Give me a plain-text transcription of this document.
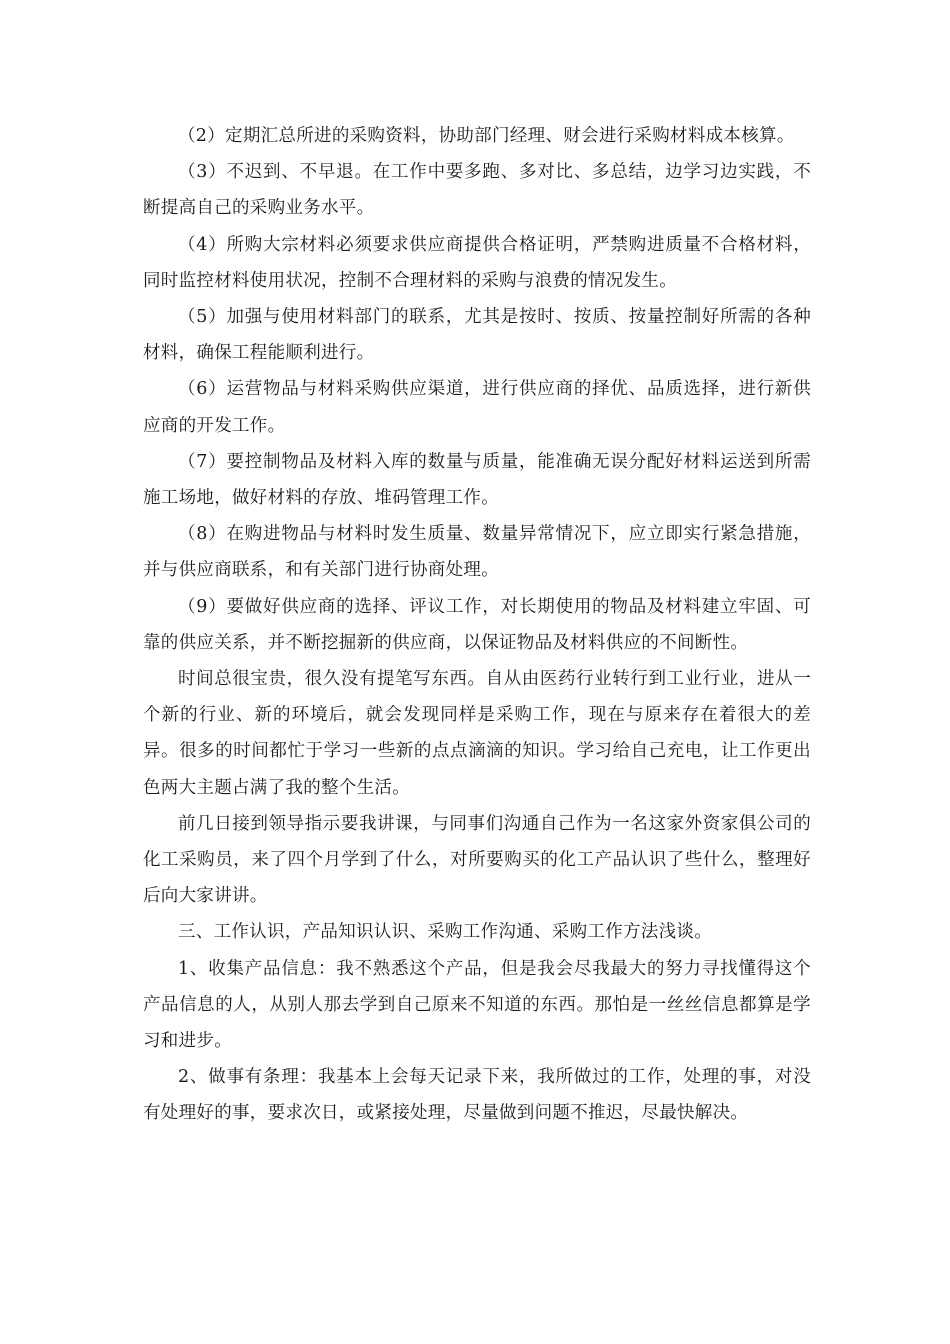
（2）定期汇总所进的采购资料，协助部门经理、财会进行采购材料成本核算。

（3）不迟到、不早退。在工作中要多跑、多对比、多总结，边学习边实践，不断提高自己的采购业务水平。

（4）所购大宗材料必须要求供应商提供合格证明，严禁购进质量不合格材料，同时监控材料使用状况，控制不合理材料的采购与浪费的情况发生。

（5）加强与使用材料部门的联系，尤其是按时、按质、按量控制好所需的各种材料，确保工程能顺利进行。

（6）运营物品与材料采购供应渠道，进行供应商的择优、品质选择，进行新供应商的开发工作。

（7）要控制物品及材料入库的数量与质量，能准确无误分配好材料运送到所需施工场地，做好材料的存放、堆码管理工作。

（8）在购进物品与材料时发生质量、数量异常情况下，应立即实行紧急措施，并与供应商联系，和有关部门进行协商处理。

（9）要做好供应商的选择、评议工作，对长期使用的物品及材料建立牢固、可靠的供应关系，并不断挖掘新的供应商，以保证物品及材料供应的不间断性。

时间总很宝贵，很久没有提笔写东西。自从由医药行业转行到工业行业，进从一个新的行业、新的环境后，就会发现同样是采购工作，现在与原来存在着很大的差异。很多的时间都忙于学习一些新的点点滴滴的知识。学习给自己充电，让工作更出色两大主题占满了我的整个生活。

前几日接到领导指示要我讲课，与同事们沟通自己作为一名这家外资家俱公司的化工采购员，来了四个月学到了什么，对所要购买的化工产品认识了些什么，整理好后向大家讲讲。

三、工作认识，产品知识认识、采购工作沟通、采购工作方法浅谈。

1、收集产品信息：我不熟悉这个产品，但是我会尽我最大的努力寻找懂得这个产品信息的人，从别人那去学到自己原来不知道的东西。那怕是一丝丝信息都算是学习和进步。

2、做事有条理：我基本上会每天记录下来，我所做过的工作，处理的事，对没有处理好的事，要求次日，或紧接处理，尽量做到问题不推迟，尽最快解决。
